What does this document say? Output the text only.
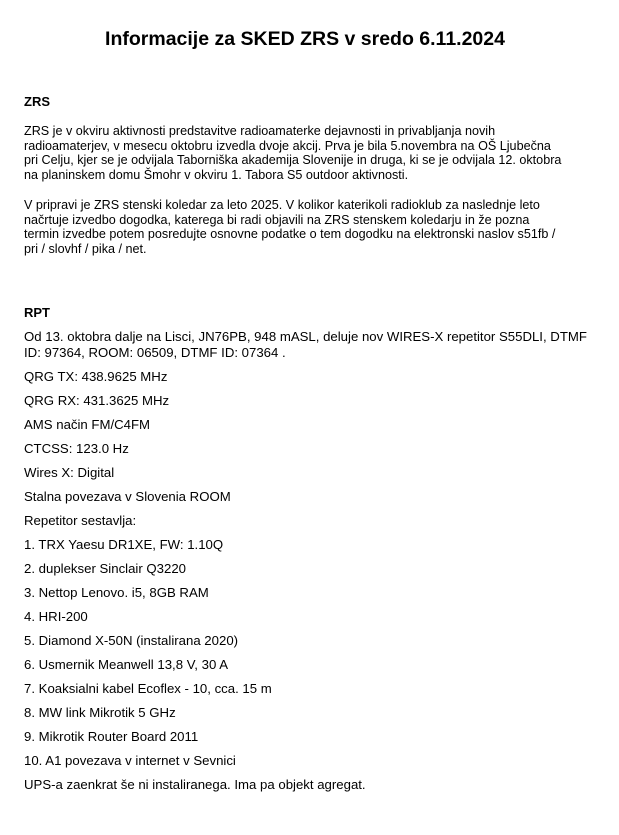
Informacije za SKED ZRS v sredo 6.11.2024
ZRS
ZRS je v okviru aktivnosti predstavitve radioamaterke dejavnosti in privabljanja novih
radioamaterjev, v mesecu oktobru izvedla dvoje akcij. Prva je bila 5.novembra na OŠ Ljubečna
pri Celju, kjer se je odvijala Taborniška akademija Slovenije in druga, ki se je odvijala 12. oktobra
na planinskem domu Šmohr v okviru 1. Tabora S5 outdoor aktivnosti.
V pripravi je ZRS stenski koledar za leto 2025. V kolikor katerikoli radioklub za naslednje leto
načrtuje izvedbo dogodka, katerega bi radi objavili na ZRS stenskem koledarju in že pozna
termin izvedbe potem posredujte osnovne podatke o tem dogodku na elektronski naslov s51fb /
pri / slovhf / pika / net.
RPT
Od 13. oktobra dalje na Lisci, JN76PB, 948 mASL, deluje nov WIRES-X repetitor S55DLI, DTMF
ID: 97364, ROOM: 06509, DTMF ID: 07364 .
QRG TX: 438.9625 MHz
QRG RX: 431.3625 MHz
AMS način FM/C4FM
CTCSS: 123.0 Hz
Wires X: Digital
Stalna povezava v Slovenia ROOM
Repetitor sestavlja:
1. TRX Yaesu DR1XE, FW: 1.10Q
2. duplekser Sinclair Q3220
3. Nettop Lenovo. i5, 8GB RAM
4. HRI-200
5. Diamond X-50N (instalirana 2020)
6. Usmernik Meanwell 13,8 V, 30 A
7. Koaksialni kabel Ecoflex - 10, cca. 15 m
8. MW link Mikrotik 5 GHz
9. Mikrotik Router Board 2011
10. A1 povezava v internet v Sevnici
UPS-a zaenkrat še ni instaliranega. Ima pa objekt agregat.
